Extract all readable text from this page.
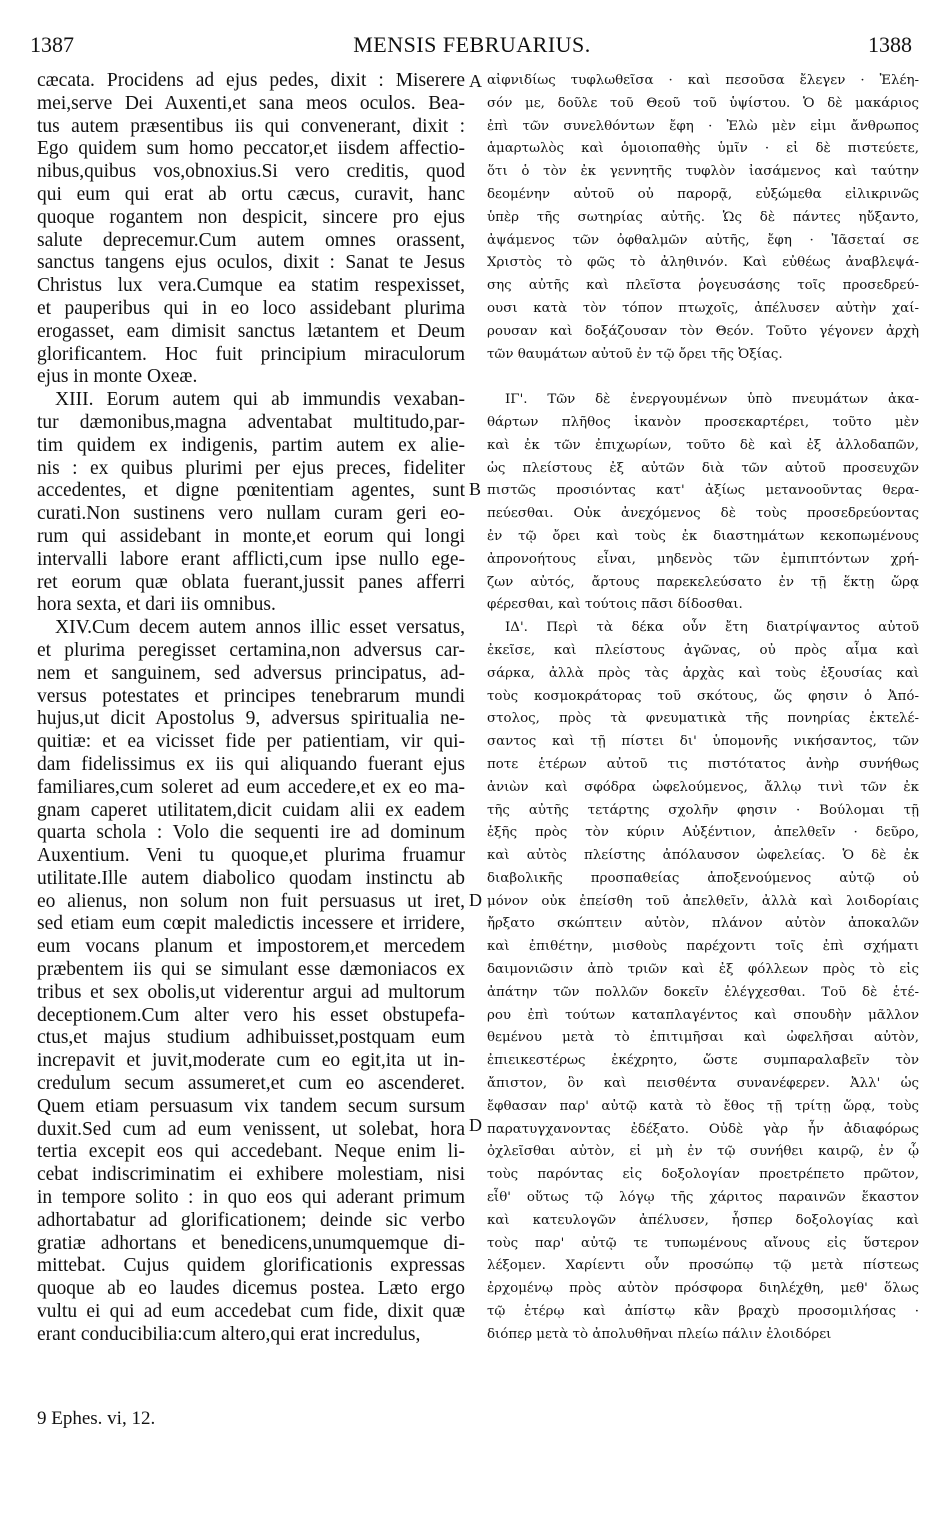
1387	MENSIS FEBRUARIUS.	1388
cæcata. Procidens ad ejus pedes, dixit : Miserere
mei,serve Dei Auxenti,et sana meos oculos. Bea-
tus autem præsentibus iis qui convenerant, dixit :
Ego quidem sum homo peccator,et iisdem affectio-
nibus,quibus vos,obnoxius.Si vero creditis, quod
qui eum qui erat ab ortu cæcus, curavit, hanc
quoque rogantem non despicit, sincere pro ejus
salute deprecemur.Cum autem omnes orassent,
sanctus tangens ejus oculos, dixit : Sanat te Jesus
Christus lux vera.Cumque ea statim respexisset,
et pauperibus qui in eo loco assidebant plurima
erogasset, eam dimisit sanctus lætantem et Deum
glorificantem. Hoc fuit principium miraculorum
ejus in monte Oxeæ.
XIII. Eorum autem qui ab immundis vexaban-
tur dæmonibus,magna adventabat multitudo,par-
tim quidem ex indigenis, partim autem ex alie-
nis : ex quibus plurimi per ejus preces, fideliter
accedentes, et digne pœnitentiam agentes, sunt
curati.Non sustinens vero nullam curam geri eo-
rum qui assidebant in monte,et eorum qui longi
intervalli labore erant afflicti,cum ipse nullo ege-
ret eorum quæ oblata fuerant,jussit panes afferri
hora sexta, et dari iis omnibus.
XIV.Cum decem autem annos illic esset versatus,
et plurima peregisset certamina,non adversus car-
nem et sanguinem, sed adversus principatus, ad-
versus potestates et principes tenebrarum mundi
hujus,ut dicit Apostolus 9, adversus spiritualia ne-
quitiæ: et ea vicisset fide per patientiam, vir qui-
dam fidelissimus ex iis qui aliquando fuerant ejus
familiares,cum soleret ad eum accedere,et ex eo ma-
gnam caperet utilitatem,dicit cuidam alii ex eadem
quarta schola : Volo die sequenti ire ad dominum
Auxentium. Veni tu quoque,et plurima fruamur
utilitate.Ille autem diabolico quodam instinctu ab
eo alienus, non solum non fuit persuasus ut iret,
sed etiam eum cœpit maledictis incessere et irridere,
eum vocans planum et impostorem,et mercedem
præbentem iis qui se simulant esse dæmoniacos ex
tribus et sex obolis,ut viderentur argui ad multorum
deceptionem.Cum alter vero his esset obstupefa-
ctus,et majus studium adhibuisset,postquam eum
increpavit et juvit,moderate cum eo egit,ita ut in-
credulum secum assumeret,et cum eo ascenderet.
Quem etiam persuasum vix tandem secum sursum
duxit.Sed cum ad eum venissent, ut solebat, hora
tertia excepit eos qui accedebant. Neque enim li-
cebat indiscriminatim ei exhibere molestiam, nisi
in tempore solito : in quo eos qui aderant primum
adhortabatur ad glorificationem; deinde sic verbo
gratiæ adhortans et benedicens,unumquemque di-
mittebat. Cujus quidem glorificationis expressas
quoque ab eo laudes dicemus postea. Læto ergo
vultu ei qui ad eum accedebat cum fide, dixit quæ
erant conducibilia:cum altero,qui erat incredulus,
αἰφνιδίως τυφλωθεῖσα · καὶ πεσοῦσα ἔλεγεν · Ἐλέη-
σόν με, δοῦλε τοῦ Θεοῦ τοῦ ὑψίστου. Ὁ δὲ μακάριος
ἐπὶ τῶν συνελθόντων ἔφη · Ἐλὼ μὲν εἰμι ἄνθρωπος
ἁμαρτωλὸς καὶ ὁμοιοπαθὴς ὑμῖν · εἰ δὲ πιστεύετε,
ὅτι ὁ τὸν ἐκ γεννητῆς τυφλὸν ἰασάμενος καὶ ταύτην
δεομένην αὐτοῦ οὐ παρορᾷ, εὐξώμεθα εἰλικρινῶς
ὑπὲρ τῆς σωτηρίας αὐτῆς. Ὡς δὲ πάντες ηὔξαντο,
ἀψάμενος τῶν ὀφθαλμῶν αὐτῆς, ἔφη · Ἰᾶσεταί σε
Χριστὸς τὸ φῶς τὸ ἀληθινόν. Καὶ εὐθέως ἀναβλεψά-
σης αὐτῆς καὶ πλεῖστα ῥογευσάσης τοῖς προσεδρεύ-
ουσι κατὰ τὸν τόπον πτωχοῖς, ἀπέλυσεν αὐτὴν χαί-
ρουσαν καὶ δοξάζουσαν τὸν Θεόν. Τοῦτο γέγονεν ἀρχὴ
τῶν θαυμάτων αὐτοῦ ἐν τῷ ὄρει τῆς Ὀξίας.
ΙΓ'. Τῶν δὲ ἐνεργουμένων ὑπὸ πνευμάτων ἀκα-
θάρτων πλῆθος ἱκανὸν προσεκαρτέρει, τοῦτο μὲν
καὶ ἐκ τῶν ἐπιχωρίων, τοῦτο δὲ καὶ ἐξ ἀλλοδαπῶν,
ὡς πλείστους ἐξ αὐτῶν διὰ τῶν αὐτοῦ προσευχῶν
πιστῶς προσιόντας κατ' ἀξίως μετανοοῦντας θερα-
πεύεσθαι. Οὐκ ἀνεχόμενος δὲ τοὺς προσεδρεύοντας
ἐν τῷ ὄρει καὶ τοὺς ἐκ διαστημάτων κεκοπωμένους
ἀπρονοήτους εἶναι, μηδενὸς τῶν ἐμπιπτόντων χρή-
ζων αὐτός, ἄρτους παρεκελεύσατο ἐν τῇ ἕκτῃ ὥρᾳ
φέρεσθαι, καὶ τούτοις πᾶσι δίδοσθαι.
ΙΔ'. Περὶ τὰ δέκα οὖν ἔτη διατρίψαντος αὐτοῦ
ἐκεῖσε, καὶ πλείστους ἀγῶνας, οὐ πρὸς αἷμα καὶ
σάρκα, ἀλλὰ πρὸς τὰς ἀρχὰς καὶ τοὺς ἐξουσίας καὶ
τοὺς κοσμοκράτορας τοῦ σκότους, ὥς φησιν ὁ Ἀπό-
στολος, πρὸς τὰ φνευματικὰ τῆς πονηρίας ἐκτελέ-
σαντος καὶ τῇ πίστει δι' ὑπομονῆς νικήσαντος, τῶν
ποτε ἑτέρων αὐτοῦ τις πιστότατος ἀνὴρ συνήθως
ἀνιὼν καὶ σφόδρα ὠφελούμενος, ἄλλῳ τινὶ τῶν ἐκ
τῆς αὐτῆς τετάρτης σχολῆν φησιν · Βούλομαι τῇ
ἑξῆς πρὸς τὸν κύριν Αὐξέντιον, ἀπελθεῖν · δεῦρο,
καὶ αὐτὸς πλείστης ἀπόλαυσον ὠφελείας. Ὁ δὲ ἐκ
διαβολικῆς προσπαθείας ἀποξενούμενος αὐτῷ οὐ
μόνον οὐκ ἐπείσθη τοῦ ἀπελθεῖν, ἀλλὰ καὶ λοιδορίαις
ἤρξατο σκώπτειν αὐτὸν, πλάνον αὐτὸν ἀποκαλῶν
καὶ ἐπιθέτην, μισθοὺς παρέχοντι τοῖς ἐπὶ σχήματι
δαιμονιῶσιν ἀπὸ τριῶν καὶ ἐξ φόλλεων πρὸς τὸ εἰς
ἀπάτην τῶν πολλῶν δοκεῖν ἐλέγχεσθαι. Τοῦ δὲ ἑτέ-
ρου ἐπὶ τούτων καταπλαγέντος καὶ σπουδὴν μᾶλλον
θεμένου μετὰ τὸ ἐπιτιμῆσαι καὶ ὠφελῆσαι αὐτὸν,
ἐπιεικεστέρως ἐκέχρητο, ὥστε συμπαραλαβεῖν τὸν
ἄπιστον, ὃν καὶ πεισθέντα συνανέφερεν. Ἀλλ' ὡς
ἔφθασαν παρ' αὐτῷ κατὰ τὸ ἔθος τῇ τρίτῃ ὥρᾳ, τοὺς
παρατυγχανοντας ἐδέξατο. Οὐδὲ γὰρ ἦν ἀδιαφόρως
ὀχλεῖσθαι αὐτὸν, εἰ μὴ ἐν τῷ συνήθει καιρῷ, ἐν ᾧ
τοὺς παρόντας εἰς δοξολογίαν προετρέπετο πρῶτον,
εἶθ' οὕτως τῷ λόγῳ τῆς χάριτος παραινῶν ἕκαστον
καὶ κατευλογῶν ἀπέλυσεν, ἧσπερ δοξολογίας καὶ
τοὺς παρ' αὐτῷ τε τυπωμένους αἴνους εἰς ὕστερον
λέξομεν. Χαρίεντι οὖν προσώπῳ τῷ μετὰ πίστεως
ἐρχομένῳ πρὸς αὐτὸν πρόσφορα διηλέχθη, μεθ' ὅλως
τῷ ἑτέρῳ καὶ ἀπίστῳ κἂν βραχὺ προσομιλήσας ·
διόπερ μετὰ τὸ ἀπολυθῆναι πλείω πάλιν ἐλοιδόρει
A
B
D
D
9 Ephes. vi, 12.
